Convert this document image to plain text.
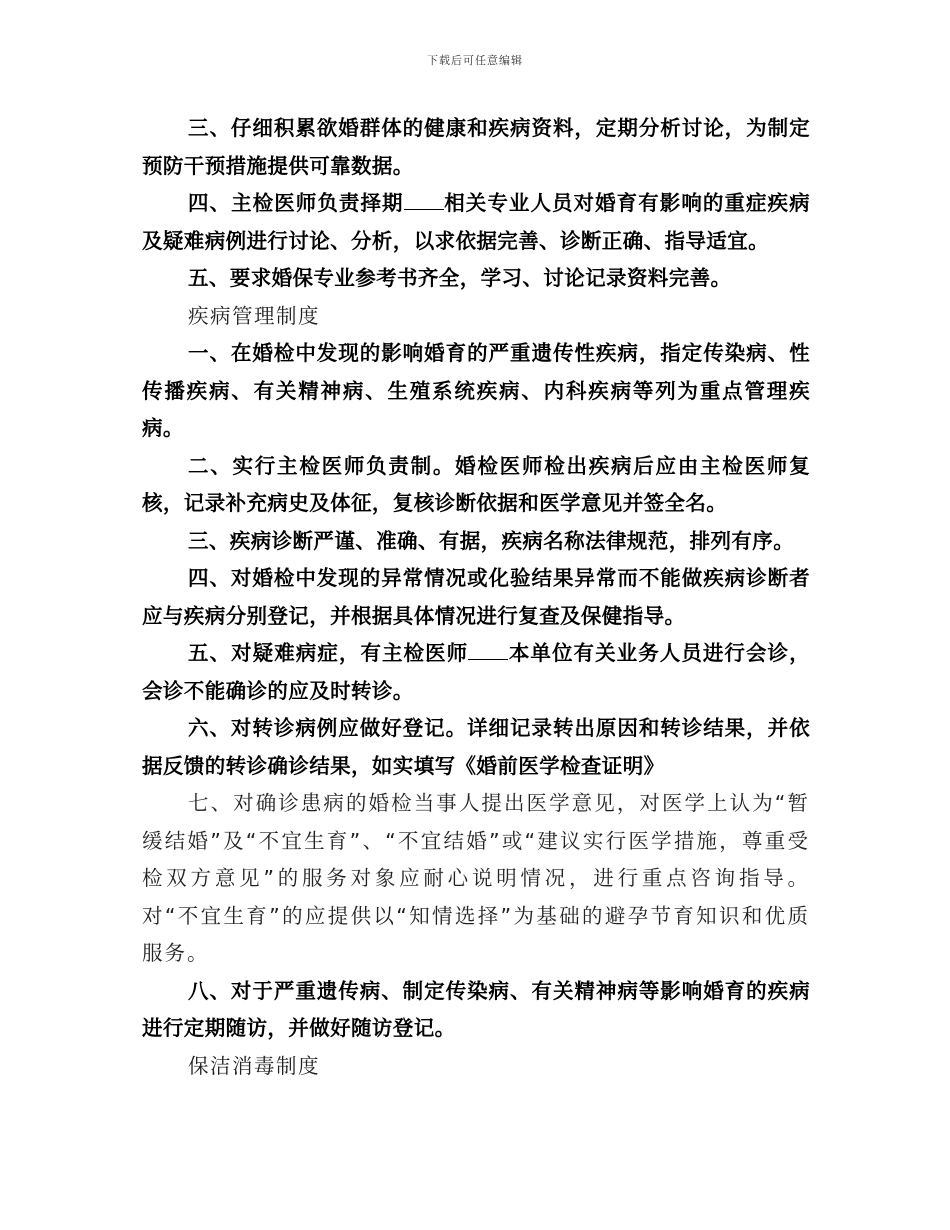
下载后可任意编辑

三、仔细积累欲婚群体的健康和疾病资料，定期分析讨论，为制定预防干预措施提供可靠数据。

四、主检医师负责择期 相关专业人员对婚育有影响的重症疾病及疑难病例进行讨论、分析，以求依据完善、诊断正确、指导适宜。

五、要求婚保专业参考书齐全，学习、讨论记录资料完善。

疾病管理制度

一、在婚检中发现的影响婚育的严重遗传性疾病，指定传染病、性传播疾病、有关精神病、生殖系统疾病、内科疾病等列为重点管理疾病。

二、实行主检医师负责制。婚检医师检出疾病后应由主检医师复核，记录补充病史及体征，复核诊断依据和医学意见并签全名。

三、疾病诊断严谨、准确、有据，疾病名称法律规范，排列有序。

四、对婚检中发现的异常情况或化验结果异常而不能做疾病诊断者应与疾病分别登记，并根据具体情况进行复查及保健指导。

五、对疑难病症，有主检医师 本单位有关业务人员进行会诊，会诊不能确诊的应及时转诊。

六、对转诊病例应做好登记。详细记录转出原因和转诊结果，并依据反馈的转诊确诊结果，如实填写《婚前医学检查证明》

七、对确诊患病的婚检当事人提出医学意见，对医学上认为“暂缓结婚”及“不宜生育”、“不宜结婚”或“建议实行医学措施，尊重受检双方意见”的服务对象应耐心说明情况，进行重点咨询指导。对“不宜生育”的应提供以“知情选择”为基础的避孕节育知识和优质服务。

八、对于严重遗传病、制定传染病、有关精神病等影响婚育的疾病进行定期随访，并做好随访登记。

保洁消毒制度
